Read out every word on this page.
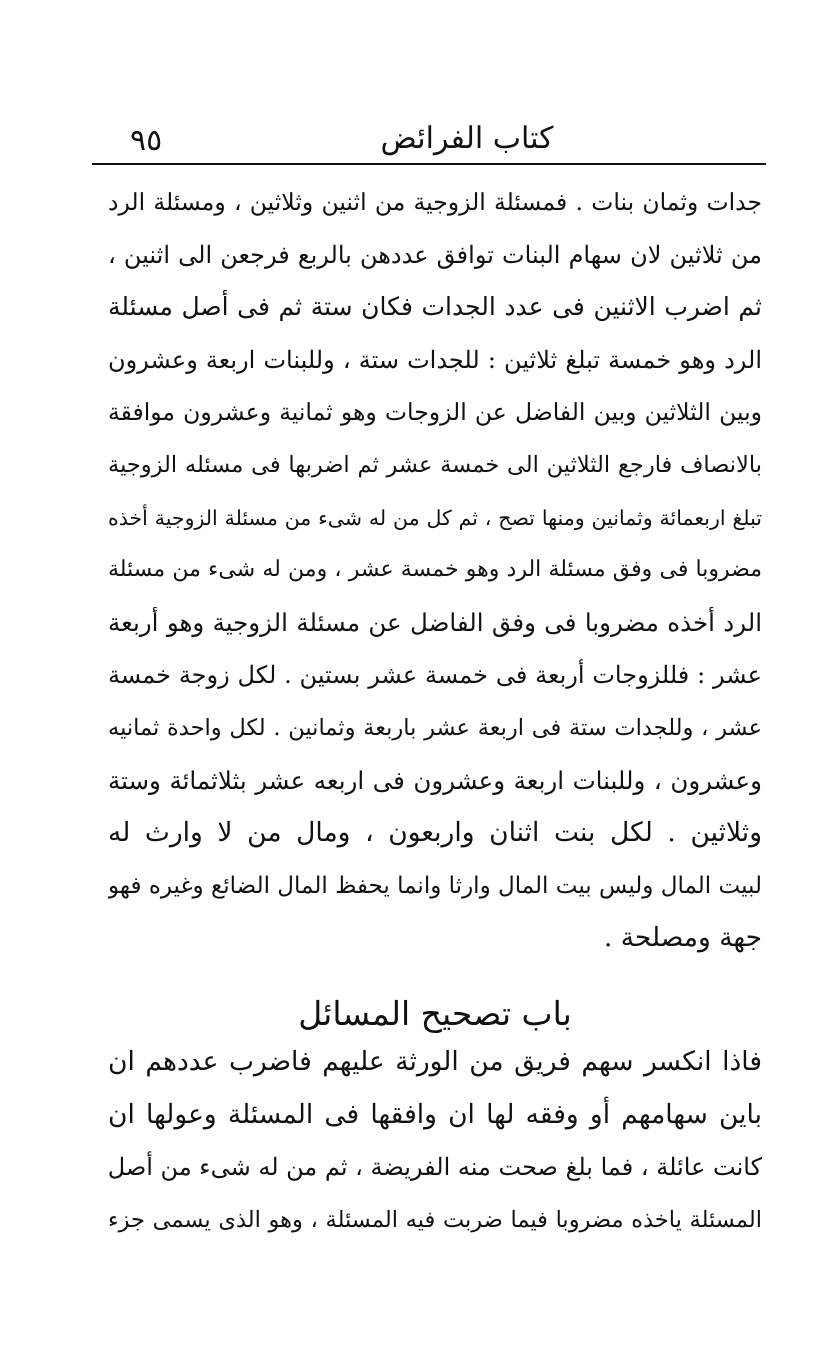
٩٥	كتاب الفرائض
جدات وثمان بنات . فمسئلة الزوجية من اثنين وثلاثين ، ومسئلة الرد
من ثلاثين لان سهام البنات توافق عددهن بالربع فرجعن الى اثنين ،
ثم اضرب الاثنين فى عدد الجدات فكان ستة ثم فى أصل مسئلة
الرد وهو خمسة تبلغ ثلاثين : للجدات ستة ، وللبنات اربعة وعشرون
وبين الثلاثين وبين الفاضل عن الزوجات وهو ثمانية وعشرون موافقة
بالانصاف فارجع الثلاثين الى خمسة عشر ثم اضربها فى مسئله الزوجية
تبلغ اربعمائة وثمانين ومنها تصح ، ثم كل من له شىء من مسئلة الزوجية أخذه
مضروبا فى وفق مسئلة الرد وهو خمسة عشر ، ومن له شىء من مسئلة
الرد أخذه مضروبا فى وفق الفاضل عن مسئلة الزوجية وهو أربعة
عشر : فللزوجات أربعة فى خمسة عشر بستين . لكل زوجة خمسة
عشر ، وللجدات ستة فى اربعة عشر باربعة وثمانين . لكل واحدة ثمانيه
وعشرون ، وللبنات اربعة وعشرون فى اربعه عشر بثلاثمائة وستة
وثلاثين . لكل بنت اثنان واربعون ، ومال من لا وارث له
لبيت المال وليس بيت المال وارثا وانما يحفظ المال الضائع وغيره فهو
جهة ومصلحة .
باب تصحيح المسائل
فاذا انكسر سهم فريق من الورثة عليهم فاضرب عددهم ان
باين سهامهم أو وفقه لها ان وافقها فى المسئلة وعولها ان
كانت عائلة ، فما بلغ صحت منه الفريضة ، ثم من له شىء من أصل
المسئلة ياخذه مضروبا فيما ضربت فيه المسئلة ، وهو الذى يسمى جزء
